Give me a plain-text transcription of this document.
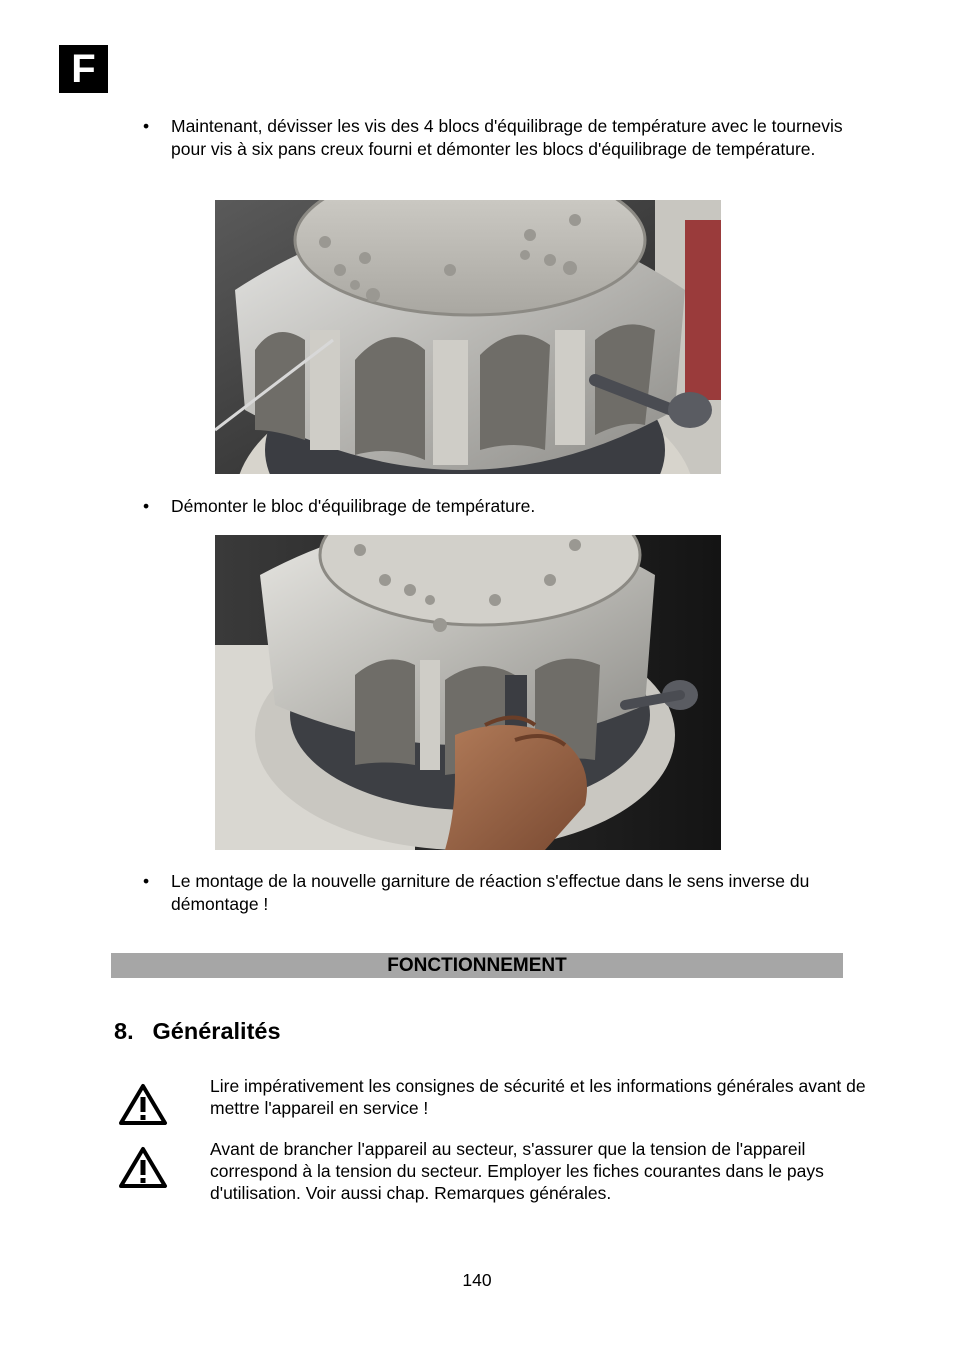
F
•	Maintenant, dévisser les vis des 4 blocs d'équilibrage de température avec le tournevis pour vis à six pans creux fourni et démonter les blocs d'équilibrage de température.
•	Démonter le bloc d'équilibrage de température.
•	Le montage de la nouvelle garniture de réaction s'effectue dans le sens inverse du démontage !
FONCTIONNEMENT
8. Généralités
Lire impérativement les consignes de sécurité et les informations générales avant de mettre l'appareil en service !
Avant de brancher l'appareil au secteur, s'assurer que la tension de l'appareil correspond à la tension du secteur. Employer les fiches courantes dans le pays d'utilisation. Voir aussi chap. Remarques générales.
140
